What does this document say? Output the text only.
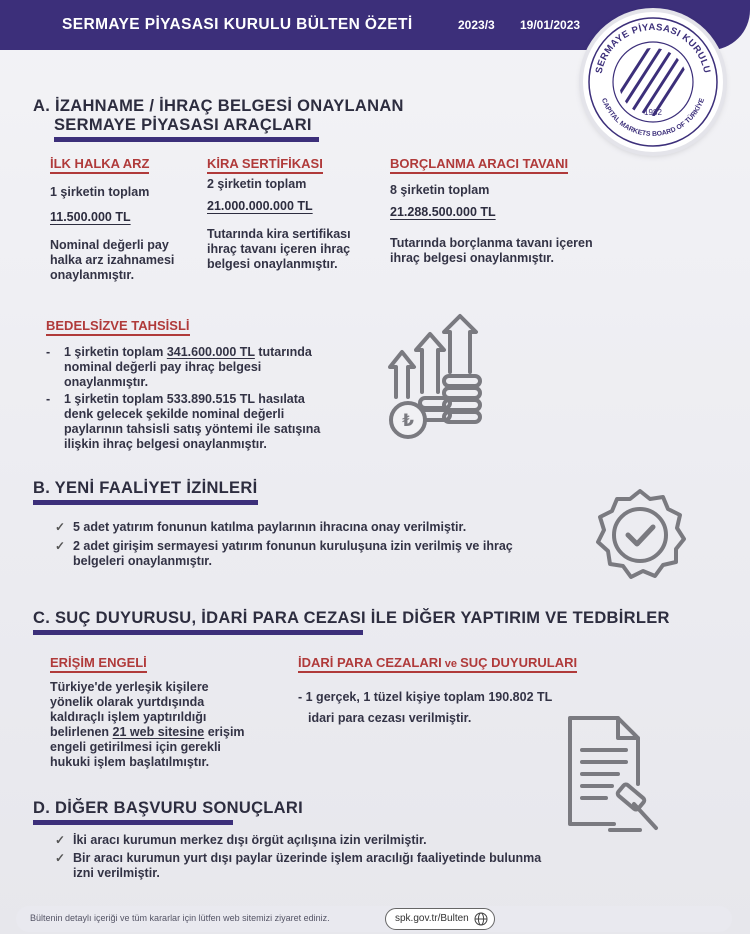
SERMAYE PİYASASI KURULU BÜLTEN ÖZETİ	2023/3 19/01/2023
SERMAYE PİYASASI KURULU
CAPITAL MARKETS BOARD OF TÜRKİYE
1982
A. İZAHNAME / İHRAÇ BELGESİ ONAYLANAN
SERMAYE PİYASASI ARAÇLARI
İLK HALKA ARZ
1 şirketin toplam
11.500.000 TL
Nominal değerli pay
halka arz izahnamesi
onaylanmıştır.
KİRA SERTİFİKASI
2 şirketin toplam
21.000.000.000 TL
Tutarında kira sertifikası
ihraç tavanı içeren ihraç
belgesi onaylanmıştır.
BORÇLANMA ARACI TAVANI
8 şirketin toplam
21.288.500.000 TL
Tutarında borçlanma tavanı içeren
ihraç belgesi onaylanmıştır.
BEDELSİZVE TAHSİSLİ
-	1 şirketin toplam 341.600.000 TL tutarında
nominal değerli pay ihraç belgesi
onaylanmıştır.
-	1 şirketin toplam 533.890.515 TL hasılata
denk gelecek şekilde nominal değerli
paylarının tahsisli satış yöntemi ile satışına
ilişkin ihraç belgesi onaylanmıştır.
₺
B. YENİ FAALİYET İZİNLERİ
✓ 5 adet yatırım fonunun katılma paylarının ihracına onay verilmiştir.
✓ 2 adet girişim sermayesi yatırım fonunun kuruluşuna izin verilmiş ve ihraç
belgeleri onaylanmıştır.
C. SUÇ DUYURUSU, İDARİ PARA CEZASI İLE DİĞER YAPTIRIM VE TEDBİRLER
ERİŞİM ENGELİ
Türkiye'de yerleşik kişilere
yönelik olarak yurtdışında
kaldıraçlı işlem yaptırıldığı
belirlenen 21 web sitesine erişim
engeli getirilmesi için gerekli
hukuki işlem başlatılmıştır.
İDARİ PARA CEZALARI ve SUÇ DUYURULARI
- 1 gerçek, 1 tüzel kişiye toplam 190.802 TL
idari para cezası verilmiştir.
D. DİĞER BAŞVURU SONUÇLARI
✓ İki aracı kurumun merkez dışı örgüt açılışına izin verilmiştir.
✓ Bir aracı kurumun yurt dışı paylar üzerinde işlem aracılığı faaliyetinde bulunma
izni verilmiştir.
Bültenin detaylı içeriği ve tüm kararlar için lütfen web sitemizi ziyaret ediniz.	spk.gov.tr/Bulten
